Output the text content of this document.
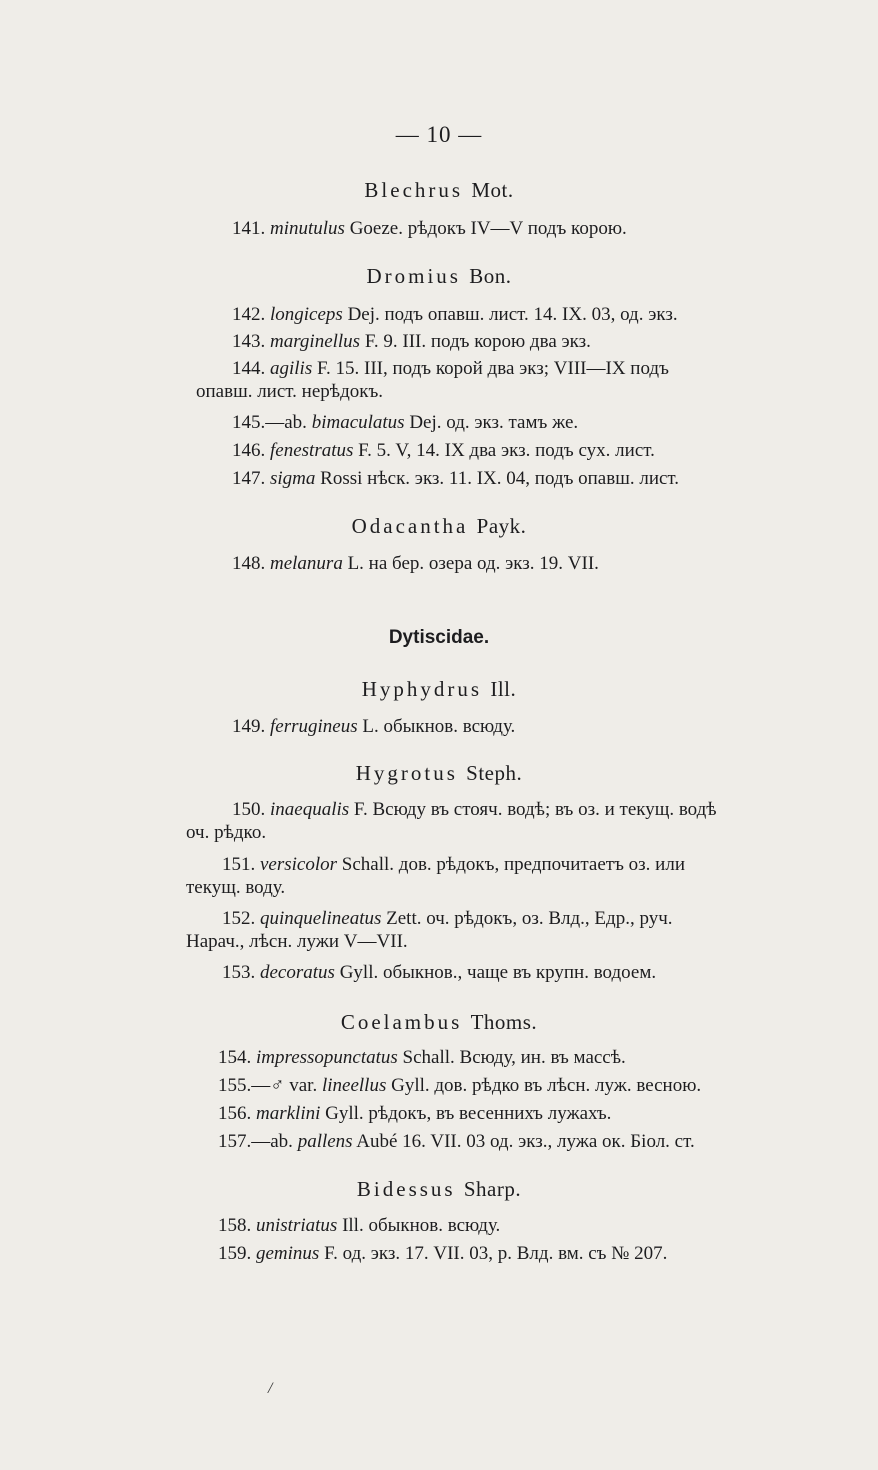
— 10 —
Blechrus Mot.
141. minutulus Goeze. рѣдокъ IV—V подъ корою.
Dromius Bon.
142. longiceps Dej. подъ опавш. лист. 14. IX. 03, од. экз.
143. marginellus F. 9. III. подъ корою два экз.
144. agilis F. 15. III, подъ корой два экз; VIII—IX подъ
опавш. лист. нерѣдокъ.
145.—ab. bimaculatus Dej. од. экз. тамъ же.
146. fenestratus F. 5. V, 14. IX два экз. подъ сух. лист.
147. sigma Rossi нѣск. экз. 11. IX. 04, подъ опавш. лист.
Odacantha Payk.
148. melanura L. на бер. озера од. экз. 19. VII.
Dytiscidae.
Hyphydrus Ill.
149. ferrugineus L. обыкнов. всюду.
Hygrotus Steph.
150. inaequalis F. Всюду въ стояч. водѣ; въ оз. и текущ. водѣ
оч. рѣдко.
151. versicolor Schall. дов. рѣдокъ, предпочитаетъ оз. или
текущ. воду.
152. quinquelineatus Zett. оч. рѣдокъ, оз. Влд., Едр., руч.
Нарач., лѣсн. лужи V—VII.
153. decoratus Gyll. обыкнов., чаще въ крупн. водоем.
Coelambus Thoms.
154. impressopunctatus Schall. Всюду, ин. въ массѣ.
155.—♂ var. lineellus Gyll. дов. рѣдко въ лѣсн. луж. весною.
156. marklini Gyll. рѣдокъ, въ весеннихъ лужахъ.
157.—ab. pallens Aubé 16. VII. 03 од. экз., лужа ок. Біол. ст.
Bidessus Sharp.
158. unistriatus Ill. обыкнов. всюду.
159. geminus F. од. экз. 17. VII. 03, р. Влд. вм. съ № 207.
/
